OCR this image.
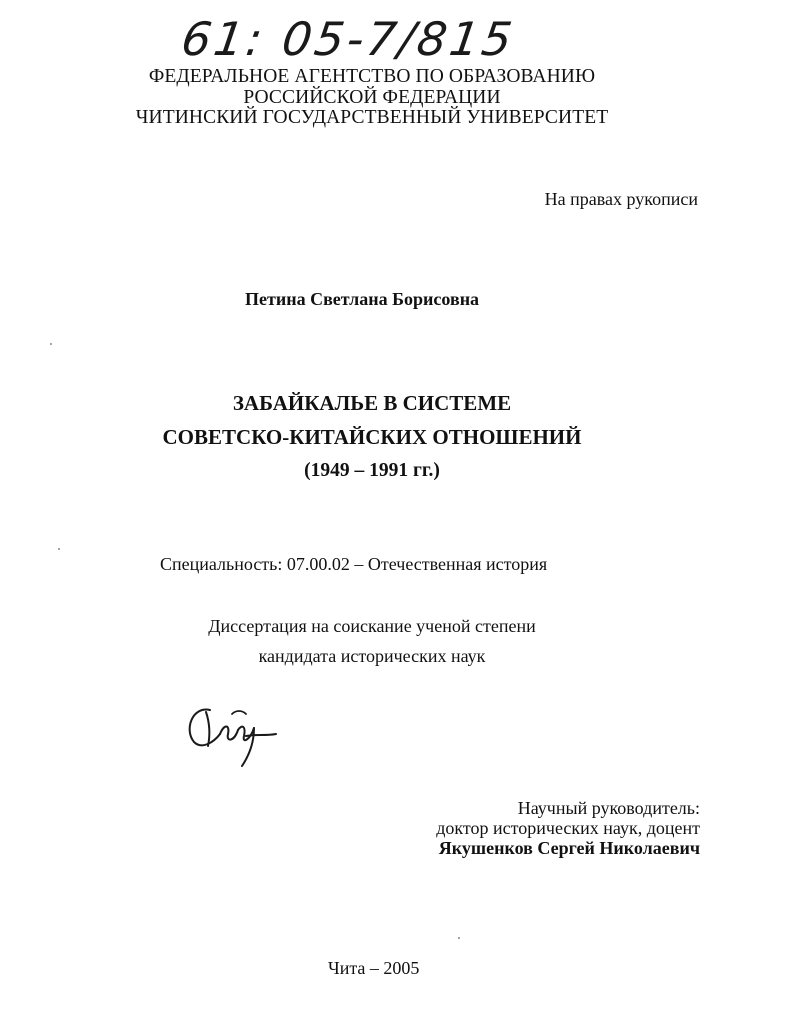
61: 05-7/815
ФЕДЕРАЛЬНОЕ АГЕНТСТВО ПО ОБРАЗОВАНИЮ
РОССИЙСКОЙ ФЕДЕРАЦИИ
ЧИТИНСКИЙ ГОСУДАРСТВЕННЫЙ УНИВЕРСИТЕТ
На правах рукописи
Петина Светлана Борисовна
ЗАБАЙКАЛЬЕ В СИСТЕМЕ
СОВЕТСКО-КИТАЙСКИХ ОТНОШЕНИЙ
(1949 – 1991 гг.)
Специальность: 07.00.02 – Отечественная история
Диссертация на соискание ученой степени
кандидата исторических наук
Научный руководитель:
доктор исторических наук, доцент
Якушенков Сергей Николаевич
Чита – 2005
